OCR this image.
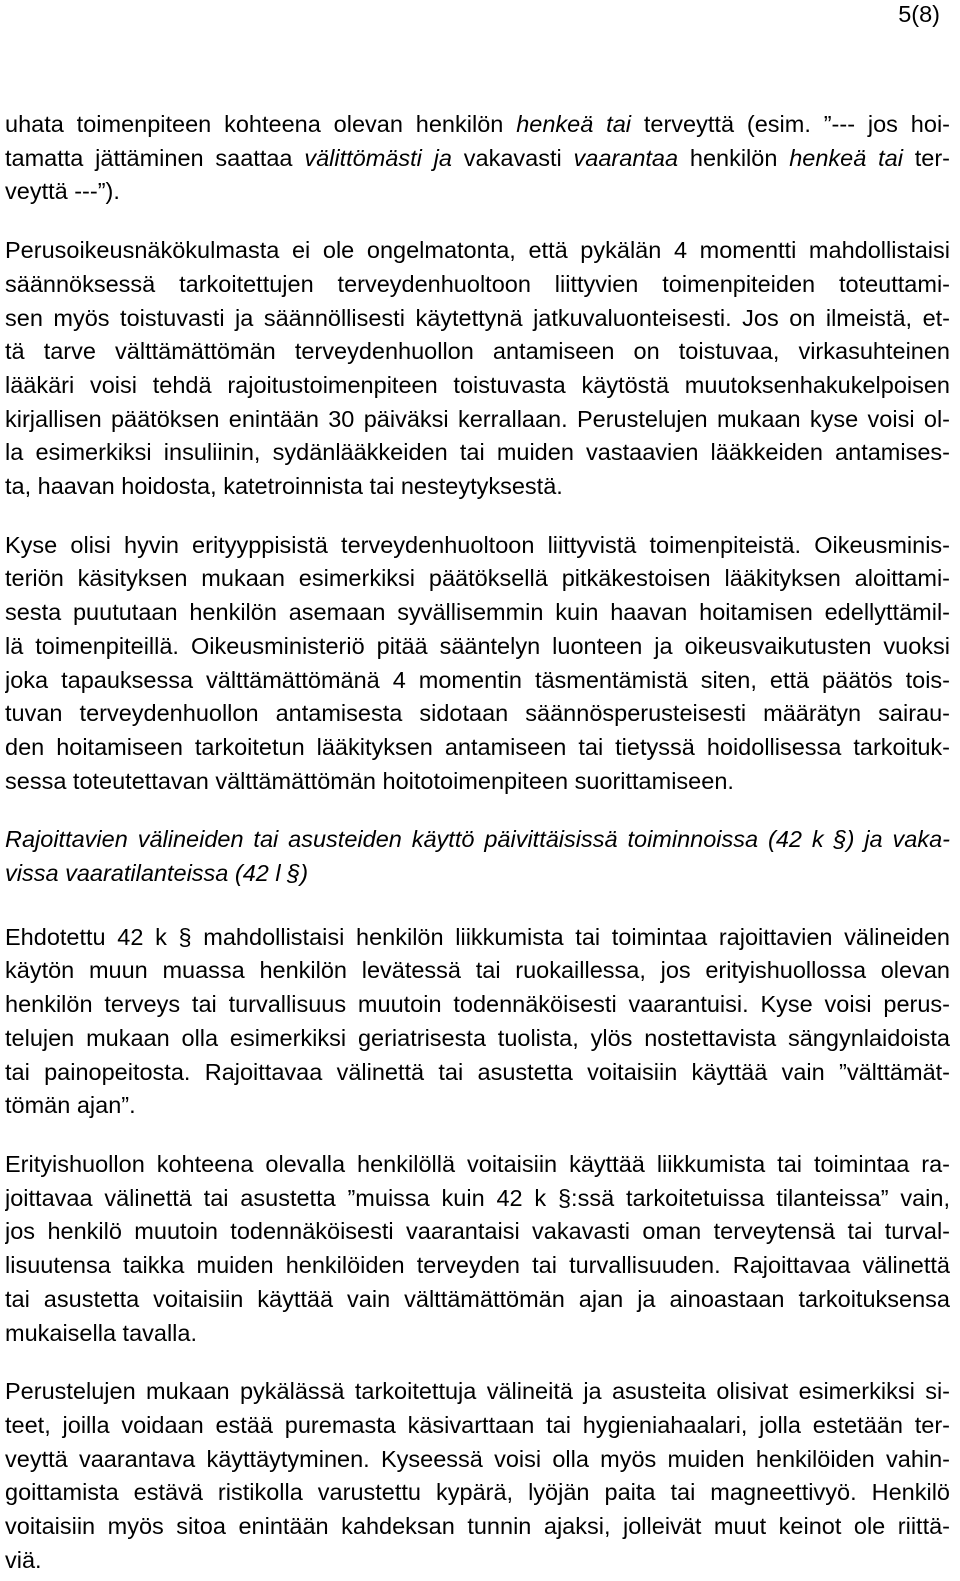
5(8)

uhata toimenpiteen kohteena olevan henkilön henkeä tai terveyttä (esim. ”--- jos hoi-
tamatta jättäminen saattaa välittömästi ja vakavasti vaarantaa henkilön henkeä tai ter-
veyttä ---”).

Perusoikeusnäkökulmasta ei ole ongelmatonta, että pykälän 4 momentti mahdollistaisi
säännöksessä tarkoitettujen terveydenhuoltoon liittyvien toimenpiteiden toteuttami-
sen myös toistuvasti ja säännöllisesti käytettynä jatkuvaluonteisesti. Jos on ilmeistä, et-
tä tarve välttämättömän terveydenhuollon antamiseen on toistuvaa, virkasuhteinen
lääkäri voisi tehdä rajoitustoimenpiteen toistuvasta käytöstä muutoksenhakukelpoisen
kirjallisen päätöksen enintään 30 päiväksi kerrallaan. Perustelujen mukaan kyse voisi ol-
la esimerkiksi insuliinin, sydänlääkkeiden tai muiden vastaavien lääkkeiden antamises-
ta, haavan hoidosta, katetroinnista tai nesteytyksestä.

Kyse olisi hyvin erityyppisistä terveydenhuoltoon liittyvistä toimenpiteistä. Oikeusminis-
teriön käsityksen mukaan esimerkiksi päätöksellä pitkäkestoisen lääkityksen aloittami-
sesta puututaan henkilön asemaan syvällisemmin kuin haavan hoitamisen edellyttämil-
lä toimenpiteillä. Oikeusministeriö pitää sääntelyn luonteen ja oikeusvaikutusten vuoksi
joka tapauksessa välttämättömänä 4 momentin täsmentämistä siten, että päätös tois-
tuvan terveydenhuollon antamisesta sidotaan säännösperusteisesti määrätyn sairau-
den hoitamiseen tarkoitetun lääkityksen antamiseen tai tietyssä hoidollisessa tarkoituk-
sessa toteutettavan välttämättömän hoitotoimenpiteen suorittamiseen.

Rajoittavien välineiden tai asusteiden käyttö päivittäisissä toiminnoissa (42 k §) ja vaka-
vissa vaaratilanteissa (42 l §)

Ehdotettu 42 k § mahdollistaisi henkilön liikkumista tai toimintaa rajoittavien välineiden
käytön muun muassa henkilön levätessä tai ruokaillessa, jos erityishuollossa olevan
henkilön terveys tai turvallisuus muutoin todennäköisesti vaarantuisi. Kyse voisi perus-
telujen mukaan olla esimerkiksi geriatrisesta tuolista, ylös nostettavista sängynlaidoista
tai painopeitosta. Rajoittavaa välinettä tai asustetta voitaisiin käyttää vain ”välttämät-
tömän ajan”.

Erityishuollon kohteena olevalla henkilöllä voitaisiin käyttää liikkumista tai toimintaa ra-
joittavaa välinettä tai asustetta ”muissa kuin 42 k §:ssä tarkoitetuissa tilanteissa” vain,
jos henkilö muutoin todennäköisesti vaarantaisi vakavasti oman terveytensä tai turval-
lisuutensa taikka muiden henkilöiden terveyden tai turvallisuuden. Rajoittavaa välinettä
tai asustetta voitaisiin käyttää vain välttämättömän ajan ja ainoastaan tarkoituksensa
mukaisella tavalla.

Perustelujen mukaan pykälässä tarkoitettuja välineitä ja asusteita olisivat esimerkiksi si-
teet, joilla voidaan estää puremasta käsivarttaan tai hygieniahaalari, jolla estetään ter-
veyttä vaarantava käyttäytyminen. Kyseessä voisi olla myös muiden henkilöiden vahin-
goittamista estävä ristikolla varustettu kypärä, lyöjän paita tai magneettivyö. Henkilö
voitaisiin myös sitoa enintään kahdeksan tunnin ajaksi, jolleivät muut keinot ole riittä-
viä.
